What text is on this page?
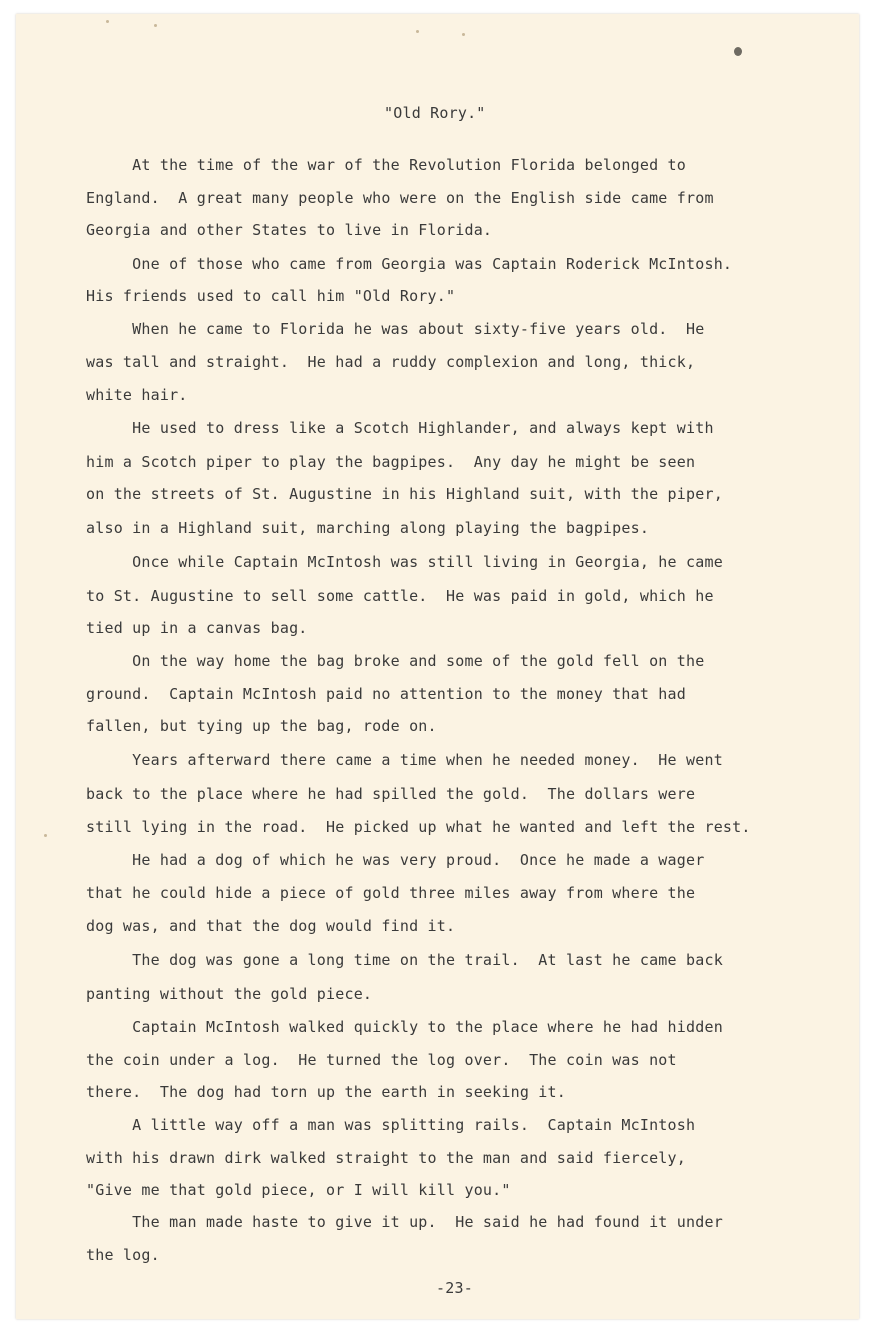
"Old Rory."
At the time of the war of the Revolution Florida belonged to
England.  A great many people who were on the English side came from
Georgia and other States to live in Florida.
One of those who came from Georgia was Captain Roderick McIntosh.
His friends used to call him "Old Rory."
When he came to Florida he was about sixty-five years old.  He
was tall and straight.  He had a ruddy complexion and long, thick,
white hair.
He used to dress like a Scotch Highlander, and always kept with
him a Scotch piper to play the bagpipes.  Any day he might be seen
on the streets of St. Augustine in his Highland suit, with the piper,
also in a Highland suit, marching along playing the bagpipes.
Once while Captain McIntosh was still living in Georgia, he came
to St. Augustine to sell some cattle.  He was paid in gold, which he
tied up in a canvas bag.
On the way home the bag broke and some of the gold fell on the
ground.  Captain McIntosh paid no attention to the money that had
fallen, but tying up the bag, rode on.
Years afterward there came a time when he needed money.  He went
back to the place where he had spilled the gold.  The dollars were
still lying in the road.  He picked up what he wanted and left the rest.
He had a dog of which he was very proud.  Once he made a wager
that he could hide a piece of gold three miles away from where the
dog was, and that the dog would find it.
The dog was gone a long time on the trail.  At last he came back
panting without the gold piece.
Captain McIntosh walked quickly to the place where he had hidden
the coin under a log.  He turned the log over.  The coin was not
there.  The dog had torn up the earth in seeking it.
A little way off a man was splitting rails.  Captain McIntosh
with his drawn dirk walked straight to the man and said fiercely,
"Give me that gold piece, or I will kill you."
The man made haste to give it up.  He said he had found it under
the log.
-23-
